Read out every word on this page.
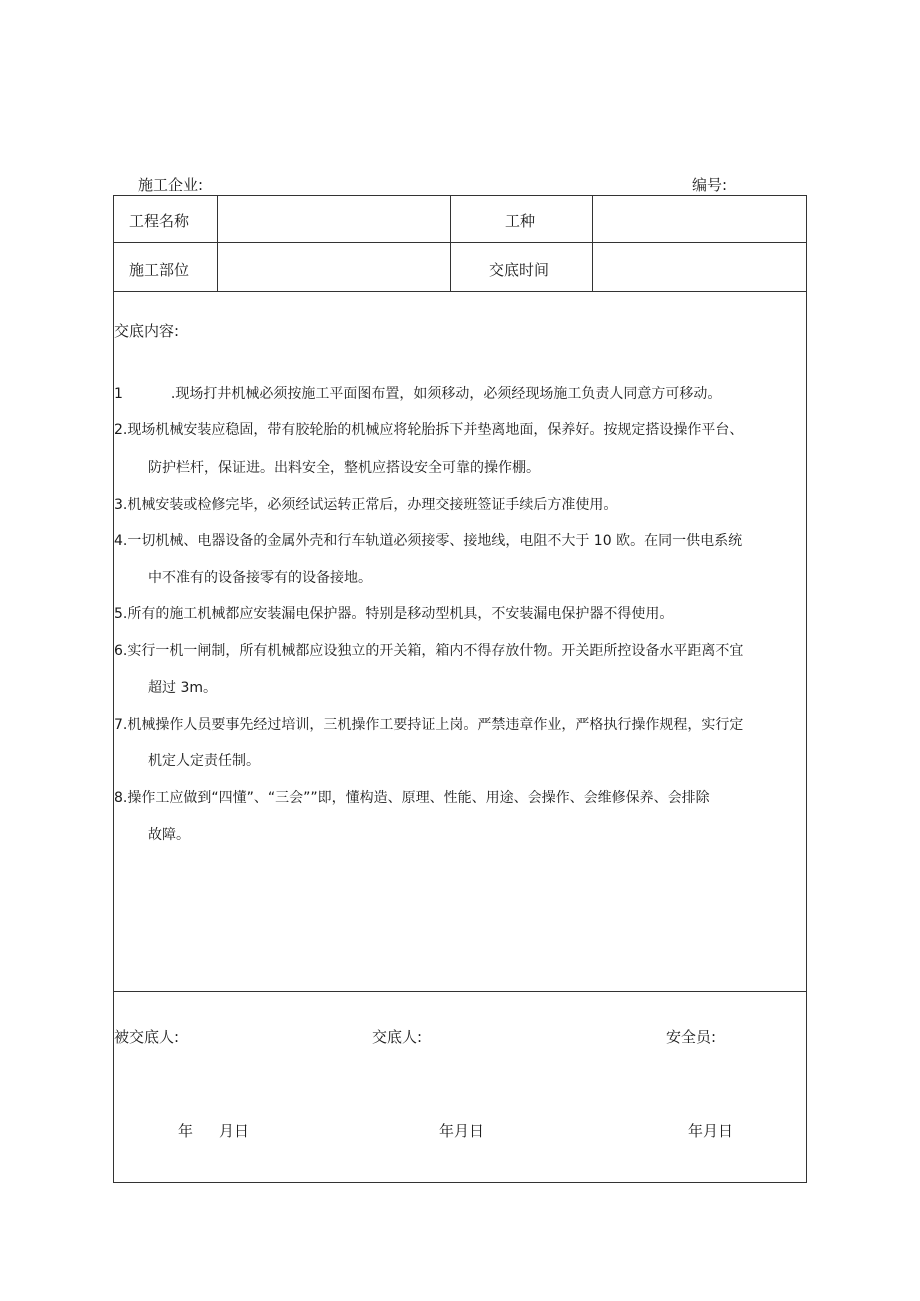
施工企业:	编号:
工程名称	工种
施工部位	交底时间
交底内容:
1	.现场打井机械必须按施工平面图布置，如须移动，必须经现场施工负责人同意方可移动。
2.现场机械安装应稳固，带有胶轮胎的机械应将轮胎拆下并垫离地面，保养好。按规定搭设操作平台、
防护栏杆，保证进。出料安全，整机应搭设安全可靠的操作棚。
3.机械安装或检修完毕，必须经试运转正常后，办理交接班签证手续后方准使用。
4.一切机械、电器设备的金属外壳和行车轨道必须接零、接地线，电阻不大于 10 欧。在同一供电系统
中不准有的设备接零有的设备接地。
5.所有的施工机械都应安装漏电保护器。特别是移动型机具，不安装漏电保护器不得使用。
6.实行一机一闸制，所有机械都应设独立的开关箱，箱内不得存放什物。开关距所控设备水平距离不宜
超过 3m。
7.机械操作人员要事先经过培训，三机操作工要持证上岗。严禁违章作业，严格执行操作规程，实行定
机定人定责任制。
8.操作工应做到“四懂”、“三会””即，懂构造、原理、性能、用途、会操作、会维修保养、会排除
故障。
被交底人:	交底人:	安全员:
年 月日	年月日	年月日
